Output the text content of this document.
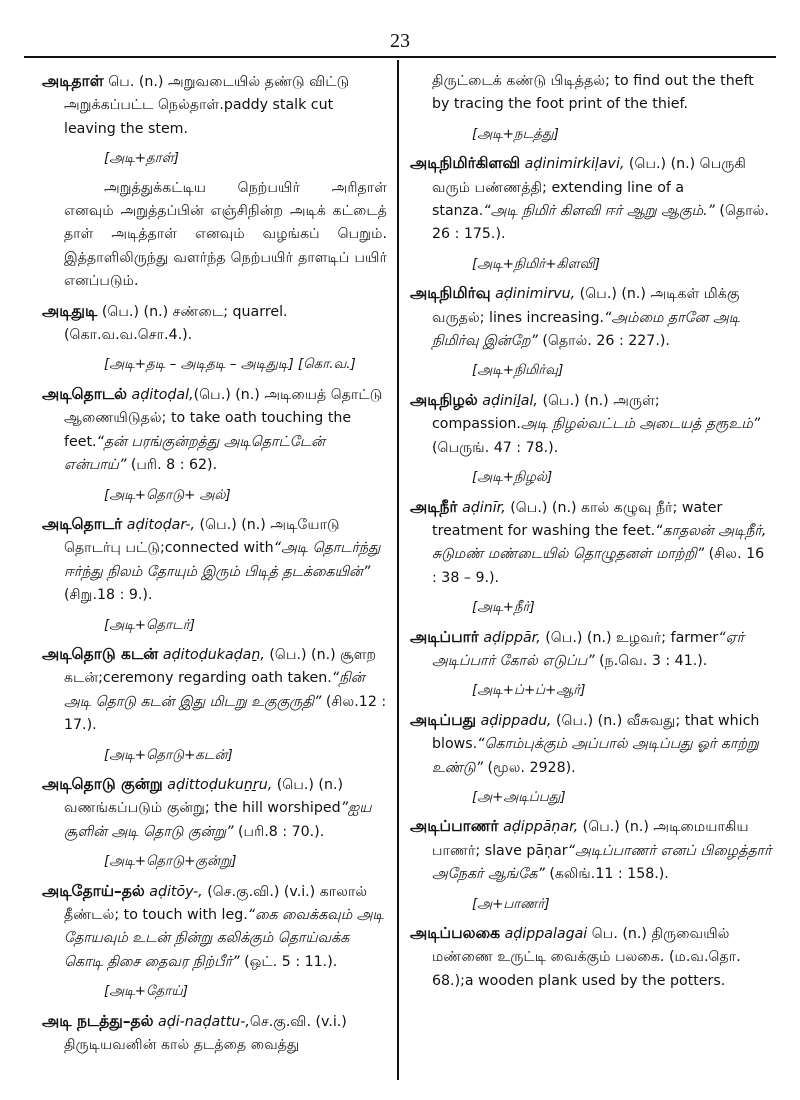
23

அடிதாள் பெ. (n.) அறுவடையில் தண்டு விட்டு அறுக்கப்பட்ட நெல்தாள்.paddy stalk cut leaving the stem.

[அடி+தாள்]

அறுத்துக்கட்டிய நெற்பயிர் அரிதாள் எனவும் அறுத்தப்பின் எஞ்சிநின்ற அடிக் கட்டைத் தாள் அடித்தாள் எனவும் வழங்கப் பெறும். இத்தாளிலிருந்து வளர்ந்த நெற்பயிர் தாளடிப் பயிர் எனப்படும்.

அடிதுடி (பெ.) (n.) சண்டை; quarrel. (கொ.வ.வ.சொ.4.).

[அடி+தடி – அடிதடி – அடிதுடி] [கொ.வ.]

அடிதொடல் aḍitoḍal,(பெ.) (n.) அடியைத் தொட்டு ஆணையிடுதல்; to take oath touching the feet.“தன் பரங்குன்றத்து அடிதொட்டேன் என்பாய்” (பரி. 8 : 62).

[அடி+தொடு+ அல்]

அடிதொடர் aḍitoḍar-, (பெ.) (n.) அடியோடு தொடர்பு பட்டு;connected with“அடி தொடர்ந்து ஈர்ந்து நிலம் தோயும் இரும் பிடித் தடக்கையின்” (சிறு.18 : 9.).

[அடி+தொடர்]

அடிதொடு கடன் aḍitoḍukaḍaṉ, (பெ.) (n.) சூளற கடன்;ceremony regarding oath taken.“நின் அடி தொடு கடன் இது மிடறு உகுகுருதி” (சில.12 : 17.).

[அடி+தொடு+கடன்]

அடிதொடு குன்று aḍittoḍukuṉṟu, (பெ.) (n.) வணங்கப்படும் குன்று; the hill worshiped”ஐய சூளின் அடி தொடு குன்று” (பரி.8 : 70.).

[அடி+தொடு+குன்று]

அடிதோய்–தல் aḍitōy-, (செ.கு.வி.) (v.i.) காலால் தீண்டல்; to touch with leg.“கை வைக்கவும் அடி தோயவும் உடன் நின்று கலிக்கும் தொய்வக்க கொடி திசை தைவர நிற்பீர்” (ஒட். 5 : 11.).

[அடி+தோய்]

அடி நடத்து–தல் aḍi-naḍattu-,செ.கு.வி. (v.i.) திருடியவனின் கால் தடத்தை வைத்து

திருட்டைக் கண்டு பிடித்தல்; to find out the theft by tracing the foot print of the thief.

[அடி+நடத்து]

அடிநிமிர்கிளவி aḍinimirkiḷavi, (பெ.) (n.) பெருகி வரும் பண்ணத்தி; extending line of a stanza.“அடி நிமிர் கிளவி ஈர் ஆறு ஆகும்.” (தொல். 26 : 175.).

[அடி+நிமிர்+கிளவி]

அடிநிமிர்வு aḍinimirvu, (பெ.) (n.) அடிகள் மிக்கு வருதல்; lines increasing.“அம்மை தானே அடி நிமிர்வு இன்றே” (தொல். 26 : 227.).

[அடி+நிமிர்வு]

அடிநிழல் aḍiniḻal, (பெ.) (n.) அருள்; compassion.அடி நிழல்வட்டம் அடையத் தரூஉம்” (பெருங். 47 : 78.).

[அடி+நிழல்]

அடிநீர் aḍinīr, (பெ.) (n.) கால் கழுவு நீர்; water treatment for washing the feet.“காதலன் அடிநீர், சுடுமண் மண்டையில் தொழுதனள் மாற்றி” (சில. 16 : 38 – 9.).

[அடி+நீர்]

அடிப்பார் aḍippār, (பெ.) (n.) உழவர்; farmer“ஏர் அடிப்பார் கோல் எடுப்ப” (ந.வெ. 3 : 41.).

[அடி+ப்+ப்+ஆர்]

அடிப்பது aḍippadu, (பெ.) (n.) வீசுவது; that which blows.“கொம்புக்கும் அப்பால் அடிப்பது ஓர் காற்று உண்டு” (மூல. 2928).

[அ+அடிப்பது]

அடிப்பாணர் aḍippāṇar, (பெ.) (n.) அடிமையாகிய பாணர்; slave pāṇar“அடிப்பாணர் எனப் பிழைத்தார் அநேகர் ஆங்கே” (கலிங்.11 : 158.).

[அ+பாணர்]

அடிப்பலகை aḍippalagai பெ. (n.) திருவையில் மண்ணை உருட்டி வைக்கும் பலகை. (ம.வ.தொ. 68.);a wooden plank used by the potters.
